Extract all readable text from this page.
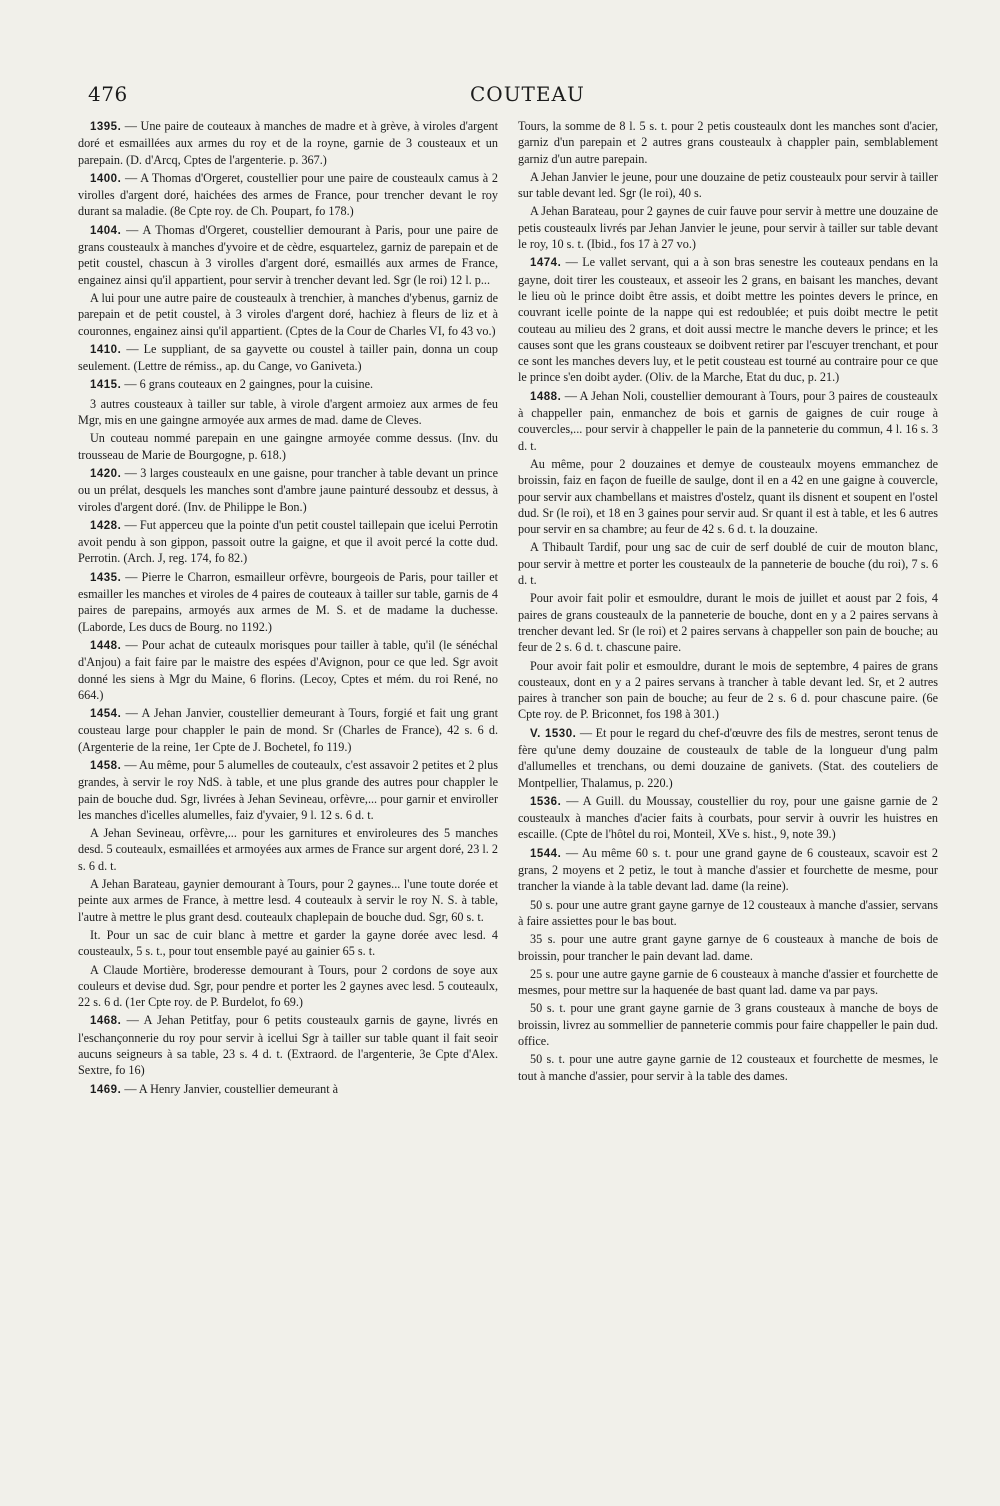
476	COUTEAU

1395. — Une paire de couteaux à manches de madre et à grève, à viroles d'argent doré et esmaillées aux armes du roy et de la royne, garnie de 3 cousteaux et un parepain. (D. d'Arcq, Cptes de l'argenterie. p. 367.)

1400. — A Thomas d'Orgeret, coustellier pour une paire de cousteaulx camus à 2 virolles d'argent doré, haichées des armes de France, pour trencher devant le roy durant sa maladie. (8e Cpte roy. de Ch. Poupart, fo 178.)

1404. — A Thomas d'Orgeret, coustellier demourant à Paris, pour une paire de grans cousteaulx à manches d'yvoire et de cèdre, esquartelez, garniz de parepain et de petit coustel, chascun à 3 virolles d'argent doré, esmaillés aux armes de France, engainez ainsi qu'il appartient, pour servir à trencher devant led. Sgr (le roi) 12 l. p...

A lui pour une autre paire de cousteaulx à trenchier, à manches d'ybenus, garniz de parepain et de petit coustel, à 3 viroles d'argent doré, hachiez à fleurs de liz et à couronnes, engainez ainsi qu'il appartient. (Cptes de la Cour de Charles VI, fo 43 vo.)

1410. — Le suppliant, de sa gayvette ou coustel à tailler pain, donna un coup seulement. (Lettre de rémiss., ap. du Cange, vo Ganiveta.)

1415. — 6 grans couteaux en 2 gaingnes, pour la cuisine.

3 autres cousteaux à tailler sur table, à virole d'argent armoiez aux armes de feu Mgr, mis en une gaingne armoyée aux armes de mad. dame de Cleves.

Un couteau nommé parepain en une gaingne armoyée comme dessus. (Inv. du trousseau de Marie de Bourgogne, p. 618.)

1420. — 3 larges cousteaulx en une gaisne, pour trancher à table devant un prince ou un prélat, desquels les manches sont d'ambre jaune painturé dessoubz et dessus, à viroles d'argent doré. (Inv. de Philippe le Bon.)

1428. — Fut apperceu que la pointe d'un petit coustel taillepain que icelui Perrotin avoit pendu à son gippon, passoit outre la gaigne, et que il avoit percé la cotte dud. Perrotin. (Arch. J, reg. 174, fo 82.)

1435. — Pierre le Charron, esmailleur orfèvre, bourgeois de Paris, pour tailler et esmailler les manches et viroles de 4 paires de couteaux à tailler sur table, garnis de 4 paires de parepains, armoyés aux armes de M. S. et de madame la duchesse. (Laborde, Les ducs de Bourg. no 1192.)

1448. — Pour achat de cuteaulx morisques pour tailler à table, qu'il (le sénéchal d'Anjou) a fait faire par le maistre des espées d'Avignon, pour ce que led. Sgr avoit donné les siens à Mgr du Maine, 6 florins. (Lecoy, Cptes et mém. du roi René, no 664.)

1454. — A Jehan Janvier, coustellier demeurant à Tours, forgié et fait ung grant cousteau large pour chappler le pain de mond. Sr (Charles de France), 42 s. 6 d. (Argenterie de la reine, 1er Cpte de J. Bochetel, fo 119.)

1458. — Au même, pour 5 alumelles de couteaulx, c'est assavoir 2 petites et 2 plus grandes, à servir le roy NdS. à table, et une plus grande des autres pour chappler le pain de bouche dud. Sgr, livrées à Jehan Sevineau, orfèvre,... pour garnir et enviroller les manches d'icelles alumelles, faiz d'yvaier, 9 l. 12 s. 6 d. t.

A Jehan Sevineau, orfèvre,... pour les garnitures et enviroleures des 5 manches desd. 5 couteaulx, esmaillées et armoyées aux armes de France sur argent doré, 23 l. 2 s. 6 d. t.

A Jehan Barateau, gaynier demourant à Tours, pour 2 gaynes... l'une toute dorée et peinte aux armes de France, à mettre lesd. 4 couteaulx à servir le roy N. S. à table, l'autre à mettre le plus grant desd. couteaulx chaplepain de bouche dud. Sgr, 60 s. t.

It. Pour un sac de cuir blanc à mettre et garder la gayne dorée avec lesd. 4 cousteaulx, 5 s. t., pour tout ensemble payé au gainier 65 s. t.

A Claude Mortière, broderesse demourant à Tours, pour 2 cordons de soye aux couleurs et devise dud. Sgr, pour pendre et porter les 2 gaynes avec lesd. 5 couteaulx, 22 s. 6 d. (1er Cpte roy. de P. Burdelot, fo 69.)

1468. — A Jehan Petitfay, pour 6 petits cousteaulx garnis de gayne, livrés en l'eschançonnerie du roy pour servir à icellui Sgr à tailler sur table quant il fait seoir aucuns seigneurs à sa table, 23 s. 4 d. t. (Extraord. de l'argenterie, 3e Cpte d'Alex. Sextre, fo 16)

1469. — A Henry Janvier, coustellier demeurant à

Tours, la somme de 8 l. 5 s. t. pour 2 petis cousteaulx dont les manches sont d'acier, garniz d'un parepain et 2 autres grans cousteaulx à chappler pain, semblablement garniz d'un autre parepain.

A Jehan Janvier le jeune, pour une douzaine de petiz cousteaulx pour servir à tailler sur table devant led. Sgr (le roi), 40 s.

A Jehan Barateau, pour 2 gaynes de cuir fauve pour servir à mettre une douzaine de petis cousteaulx livrés par Jehan Janvier le jeune, pour servir à tailler sur table devant le roy, 10 s. t. (Ibid., fos 17 à 27 vo.)

1474. — Le vallet servant, qui a à son bras senestre les couteaux pendans en la gayne, doit tirer les cousteaux, et asseoir les 2 grans, en baisant les manches, devant le lieu où le prince doibt être assis, et doibt mettre les pointes devers le prince, en couvrant icelle pointe de la nappe qui est redoublée; et puis doibt mectre le petit couteau au milieu des 2 grans, et doit aussi mectre le manche devers le prince; et les causes sont que les grans cousteaux se doibvent retirer par l'escuyer trenchant, et pour ce sont les manches devers luy, et le petit cousteau est tourné au contraire pour ce que le prince s'en doibt ayder. (Oliv. de la Marche, Etat du duc, p. 21.)

1488. — A Jehan Noli, coustellier demourant à Tours, pour 3 paires de cousteaulx à chappeller pain, enmanchez de bois et garnis de gaignes de cuir rouge à couvercles,... pour servir à chappeller le pain de la panneterie du commun, 4 l. 16 s. 3 d. t.

Au même, pour 2 douzaines et demye de cousteaulx moyens emmanchez de broissin, faiz en façon de fueille de saulge, dont il en a 42 en une gaigne à couvercle, pour servir aux chambellans et maistres d'ostelz, quant ils disnent et soupent en l'ostel dud. Sr (le roi), et 18 en 3 gaines pour servir aud. Sr quant il est à table, et les 6 autres pour servir en sa chambre; au feur de 42 s. 6 d. t. la douzaine.

A Thibault Tardif, pour ung sac de cuir de serf doublé de cuir de mouton blanc, pour servir à mettre et porter les cousteaulx de la panneterie de bouche (du roi), 7 s. 6 d. t.

Pour avoir fait polir et esmouldre, durant le mois de juillet et aoust par 2 fois, 4 paires de grans cousteaulx de la panneterie de bouche, dont en y a 2 paires servans à trencher devant led. Sr (le roi) et 2 paires servans à chappeller son pain de bouche; au feur de 2 s. 6 d. t. chascune paire.

Pour avoir fait polir et esmouldre, durant le mois de septembre, 4 paires de grans cousteaux, dont en y a 2 paires servans à trancher à table devant led. Sr, et 2 autres paires à trancher son pain de bouche; au feur de 2 s. 6 d. pour chascune paire. (6e Cpte roy. de P. Briconnet, fos 198 à 301.)

V. 1530. — Et pour le regard du chef-d'œuvre des fils de mestres, seront tenus de fère qu'une demy douzaine de cousteaulx de table de la longueur d'ung palm d'allumelles et trenchans, ou demi douzaine de ganivets. (Stat. des couteliers de Montpellier, Thalamus, p. 220.)

1536. — A Guill. du Moussay, coustellier du roy, pour une gaisne garnie de 2 cousteaulx à manches d'acier faits à courbats, pour servir à ouvrir les huistres en escaille. (Cpte de l'hôtel du roi, Monteil, XVe s. hist., 9, note 39.)

1544. — Au même 60 s. t. pour une grand gayne de 6 cousteaux, scavoir est 2 grans, 2 moyens et 2 petiz, le tout à manche d'assier et fourchette de mesme, pour trancher la viande à la table devant lad. dame (la reine).

50 s. pour une autre grant gayne garnye de 12 cousteaux à manche d'assier, servans à faire assiettes pour le bas bout.

35 s. pour une autre grant gayne garnye de 6 cousteaux à manche de bois de broissin, pour trancher le pain devant lad. dame.

25 s. pour une autre gayne garnie de 6 cousteaux à manche d'assier et fourchette de mesmes, pour mettre sur la haquenée de bast quant lad. dame va par pays.

50 s. t. pour une grant gayne garnie de 3 grans cousteaux à manche de boys de broissin, livrez au sommellier de panneterie commis pour faire chappeller le pain dud. office.

50 s. t. pour une autre gayne garnie de 12 cousteaux et fourchette de mesmes, le tout à manche d'assier, pour servir à la table des dames.
